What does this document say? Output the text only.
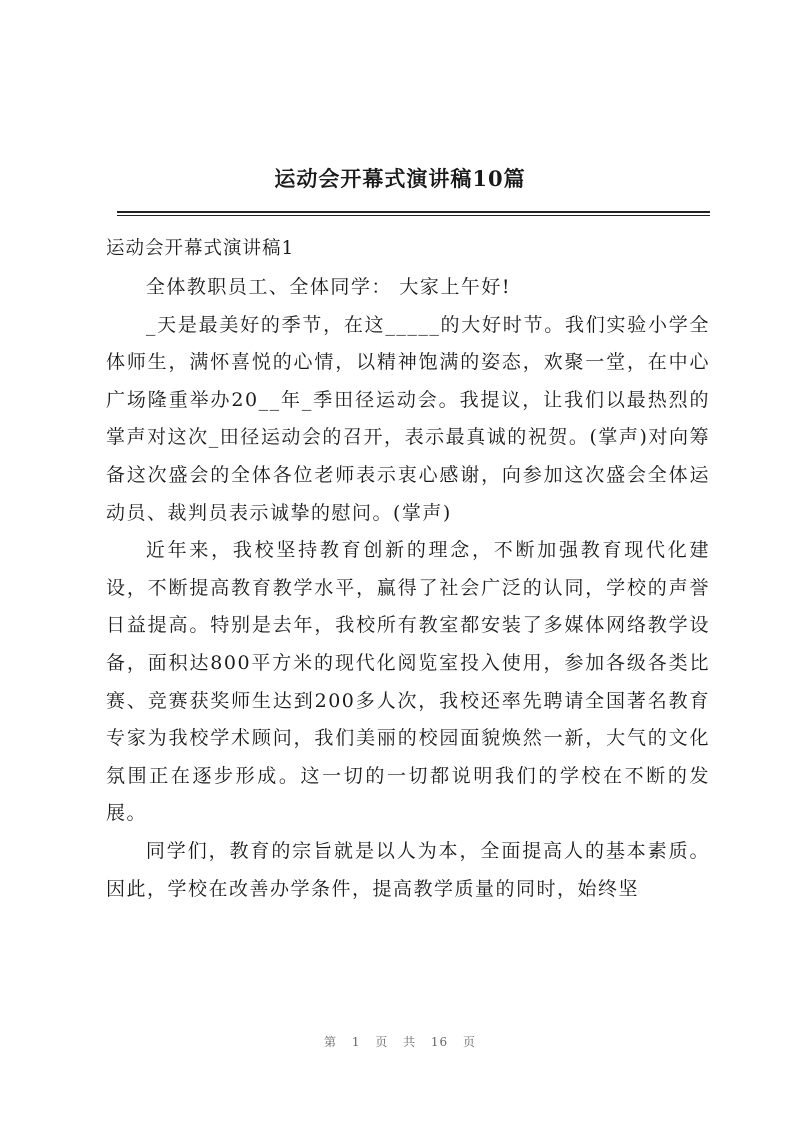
运动会开幕式演讲稿10篇
运动会开幕式演讲稿1

全体教职员工、全体同学： 大家上午好!

_天是最美好的季节，在这_____的大好时节。我们实验小学全体师生，满怀喜悦的心情，以精神饱满的姿态，欢聚一堂，在中心广场隆重举办20__年_季田径运动会。我提议，让我们以最热烈的掌声对这次_田径运动会的召开，表示最真诚的祝贺。(掌声)对向筹备这次盛会的全体各位老师表示衷心感谢，向参加这次盛会全体运动员、裁判员表示诚挚的慰问。(掌声)

近年来，我校坚持教育创新的理念，不断加强教育现代化建设，不断提高教育教学水平，赢得了社会广泛的认同，学校的声誉日益提高。特别是去年，我校所有教室都安装了多媒体网络教学设备，面积达800平方米的现代化阅览室投入使用，参加各级各类比赛、竞赛获奖师生达到200多人次，我校还率先聘请全国著名教育专家为我校学术顾问，我们美丽的校园面貌焕然一新，大气的文化氛围正在逐步形成。这一切的一切都说明我们的学校在不断的发展。

同学们，教育的宗旨就是以人为本，全面提高人的基本素质。因此，学校在改善办学条件，提高教学质量的同时，始终坚

第 1 页 共 16 页
